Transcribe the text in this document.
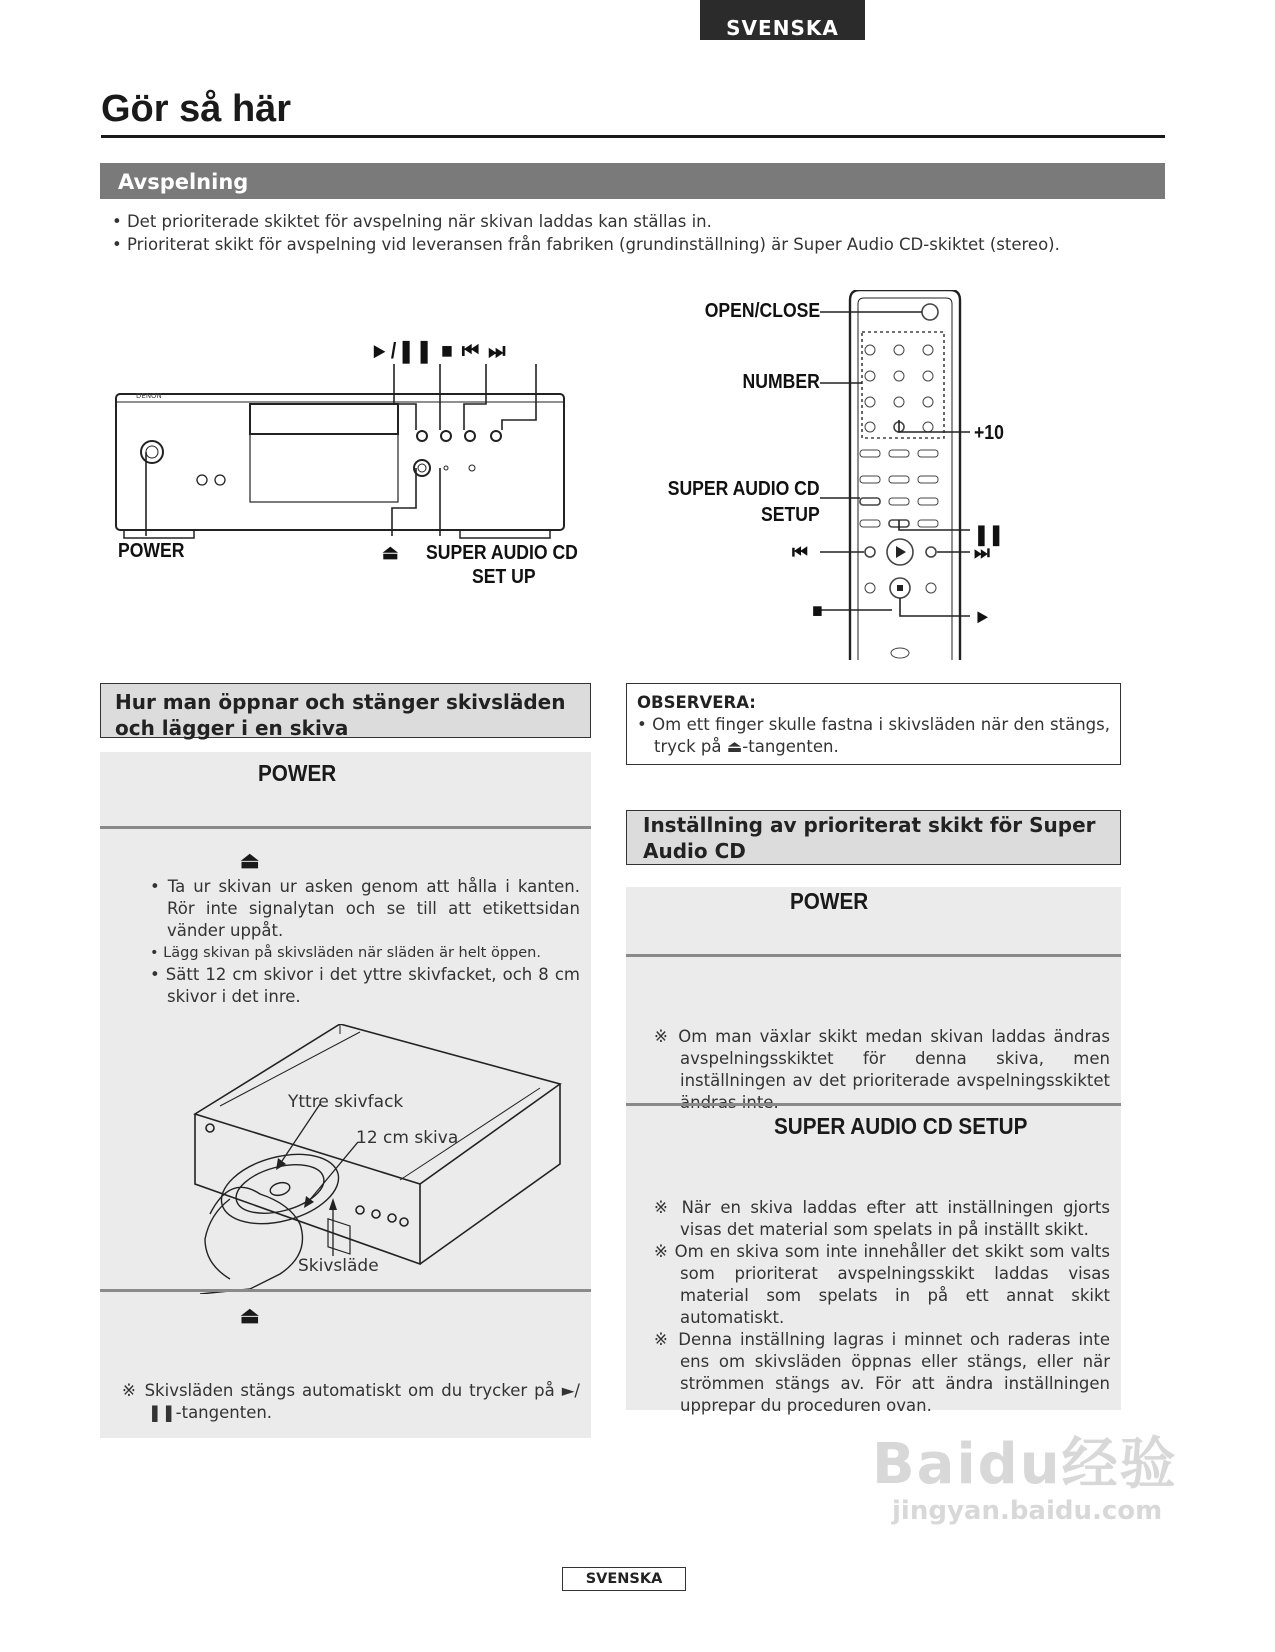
SVENSKA
Gör så här
Avspelning
• Det prioriterade skiktet för avspelning när skivan laddas kan ställas in.
• Prioriterat skikt för avspelning vid leveransen från fabriken (grundinställning) är Super Audio CD-skiktet (stereo).
DENON
►/❚❚ ■ ⏮ ⏭
POWER	⏏ SUPER AUDIO CD
SET UP
OPEN/CLOSE
NUMBER
+10
SUPER AUDIO CD
SETUP
❚❚
⏮	⏭
■	►
Hur man öppnar och stänger skivsläden och lägger i en skiva
POWER
⏏
• Ta ur skivan ur asken genom att hålla i kanten. Rör inte signalytan och se till att etikettsidan vänder uppåt.
• Lägg skivan på skivsläden när släden är helt öppen.
• Sätt 12 cm skivor i det yttre skivfacket, och 8 cm skivor i det inre.
Yttre skivfack
12 cm skiva
Skivsläde
⏏
※ Skivsläden stängs automatiskt om du trycker på ►/❚❚-tangenten.
OBSERVERA:
• Om ett finger skulle fastna i skivsläden när den stängs, tryck på ⏏-tangenten.
Inställning av prioriterat skikt för Super Audio CD
POWER
※ Om man växlar skikt medan skivan laddas ändras avspelningsskiktet för denna skiva, men inställningen av det prioriterade avspelningsskiktet
SUPER AUDIO CD SETUP
※ När en skiva laddas efter att inställningen gjorts visas det material som spelats in på inställt skikt.
※ Om en skiva som inte innehåller det skikt som valts som prioriterat avspelningsskikt laddas visas material som spelats in på ett annat skikt automatiskt.
※ Denna inställning lagras i minnet och raderas inte ens om skivsläden öppnas eller stängs, eller när strömmen stängs av. För att ändra inställningen upprepar du proceduren ovan.
Baidu经验
jingyan.baidu.com
SVENSKA
